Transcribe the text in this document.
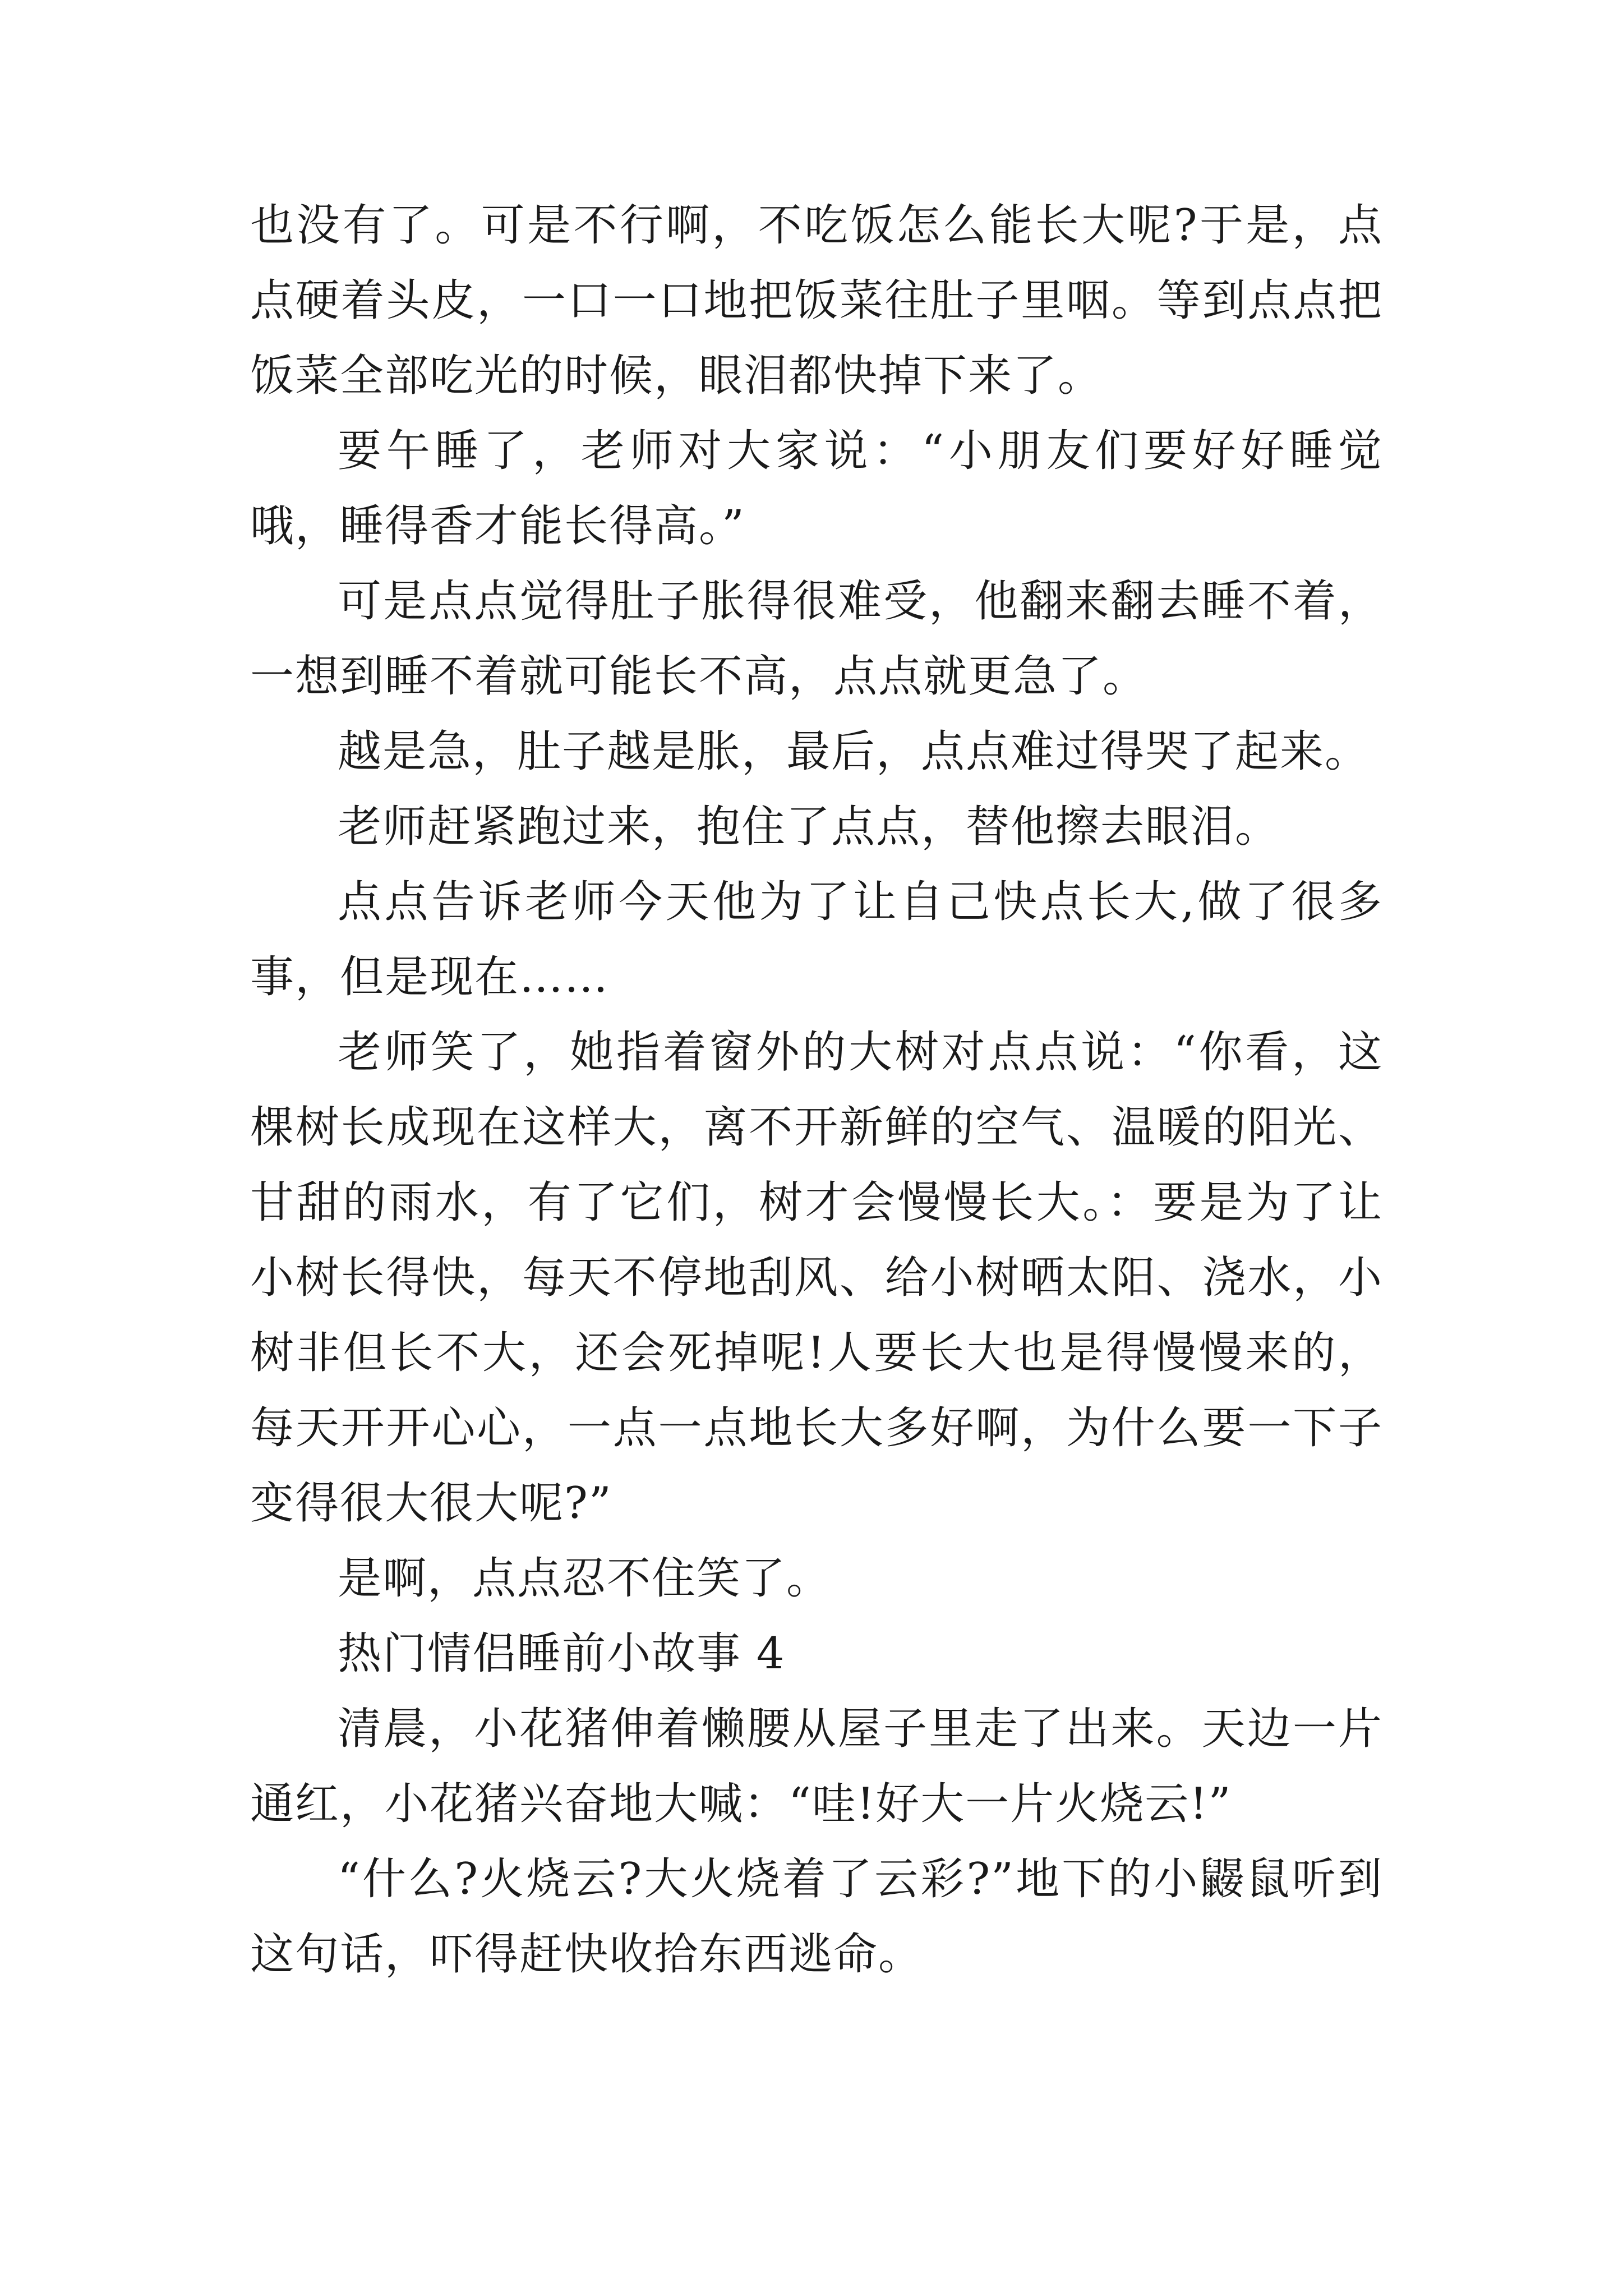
也没有了。可是不行啊，不吃饭怎么能长大呢?于是，点点硬着头皮，一口一口地把饭菜往肚子里咽。等到点点把饭菜全部吃光的时候，眼泪都快掉下来了。

要午睡了，老师对大家说：“小朋友们要好好睡觉哦，睡得香才能长得高。”

可是点点觉得肚子胀得很难受，他翻来翻去睡不着，一想到睡不着就可能长不高，点点就更急了。

越是急，肚子越是胀，最后，点点难过得哭了起来。

老师赶紧跑过来，抱住了点点，替他擦去眼泪。

点点告诉老师今天他为了让自己快点长大,做了很多事，但是现在……

老师笑了，她指着窗外的大树对点点说：“你看，这棵树长成现在这样大，离不开新鲜的空气、温暖的阳光、甘甜的雨水，有了它们，树才会慢慢长大。：要是为了让小树长得快，每天不停地刮风、给小树晒太阳、浇水，小树非但长不大，还会死掉呢!人要长大也是得慢慢来的，每天开开心心，一点一点地长大多好啊，为什么要一下子变得很大很大呢?”

是啊，点点忍不住笑了。

热门情侣睡前小故事 4

清晨，小花猪伸着懒腰从屋子里走了出来。天边一片通红，小花猪兴奋地大喊：“哇!好大一片火烧云!”

“什么?火烧云?大火烧着了云彩?”地下的小鼹鼠听到这句话，吓得赶快收拾东西逃命。
